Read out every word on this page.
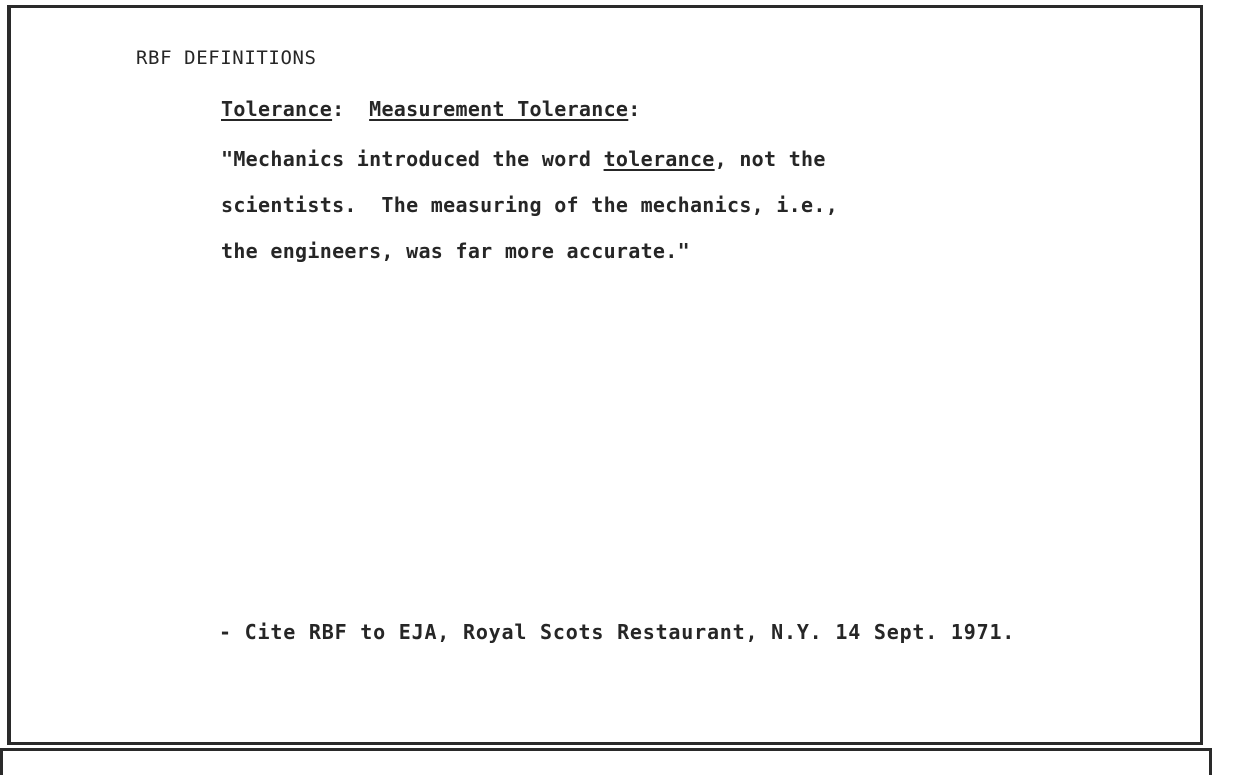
RBF DEFINITIONS
Tolerance: Measurement Tolerance:
"Mechanics introduced the word tolerance, not the
scientists.  The measuring of the mechanics, i.e.,
the engineers, was far more accurate."
- Cite RBF to EJA, Royal Scots Restaurant, N.Y. 14 Sept. 1971.
